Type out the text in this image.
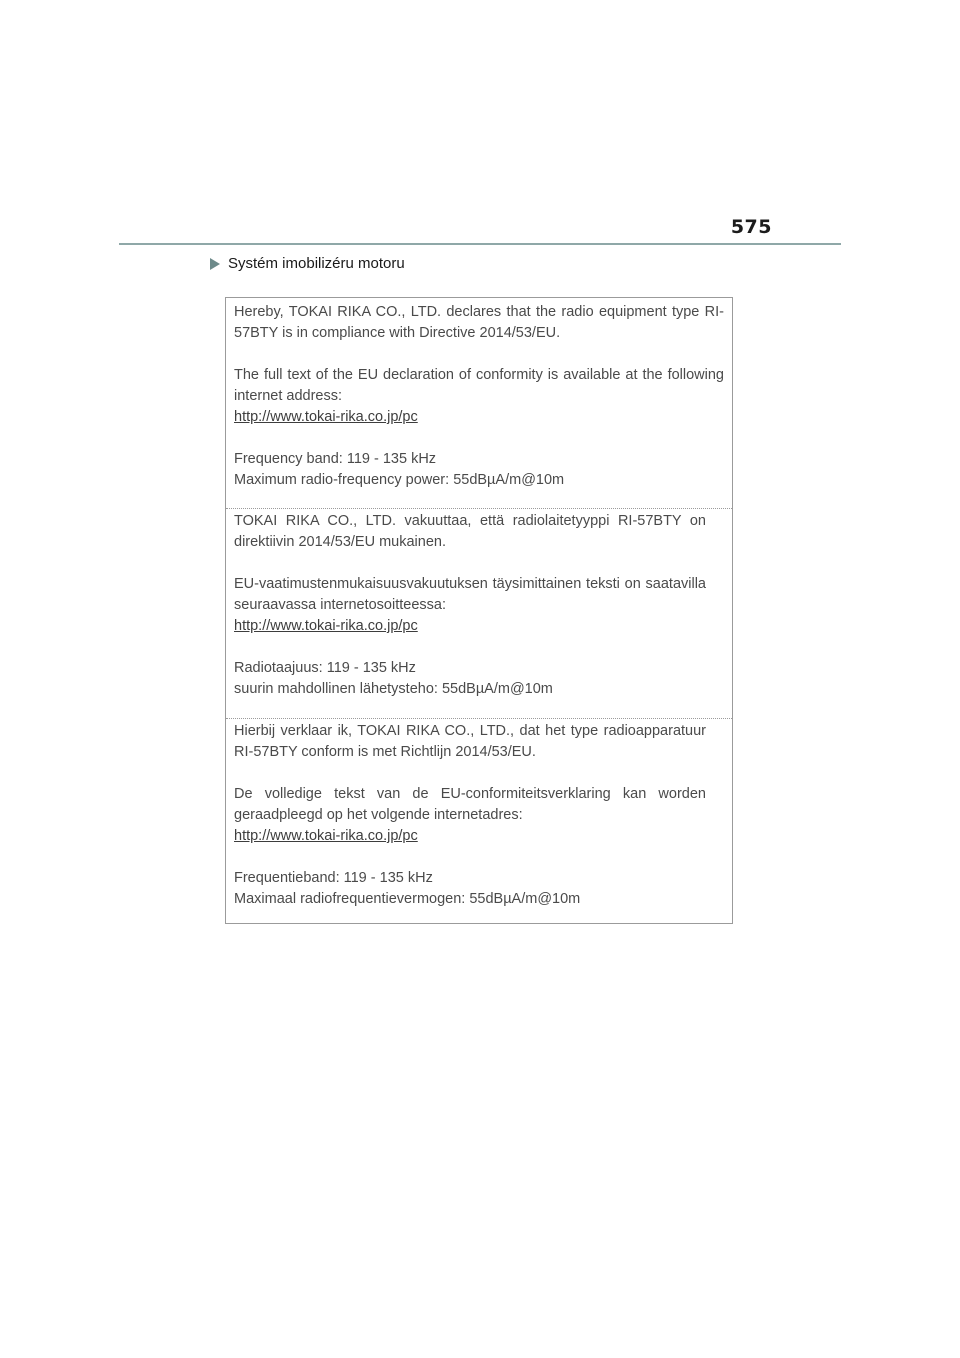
575
Systém imobilizéru motoru

Hereby, TOKAI RIKA CO., LTD. declares that the radio equipment type RI-57BTY is in compliance with Directive 2014/53/EU.

The full text of the EU declaration of conformity is available at the following internet address:

http://www.tokai-rika.co.jp/pc

Frequency band: 119 - 135 kHz

Maximum radio-frequency power: 55dBµA/m@10m

TOKAI RIKA CO., LTD. vakuuttaa, että radiolaitetyyppi RI-57BTY on direktiivin 2014/53/EU mukainen.

EU-vaatimustenmukaisuusvakuutuksen täysimittainen teksti on saatavilla seuraavassa internetosoitteessa:

http://www.tokai-rika.co.jp/pc

Radiotaajuus: 119 - 135 kHz

suurin mahdollinen lähetysteho: 55dBµA/m@10m

Hierbij verklaar ik, TOKAI RIKA CO., LTD., dat het type radioapparatuur RI-57BTY conform is met Richtlijn 2014/53/EU.

De volledige tekst van de EU-conformiteitsverklaring kan worden geraadpleegd op het volgende internetadres:

http://www.tokai-rika.co.jp/pc

Frequentieband: 119 - 135 kHz

Maximaal radiofrequentievermogen: 55dBµA/m@10m
